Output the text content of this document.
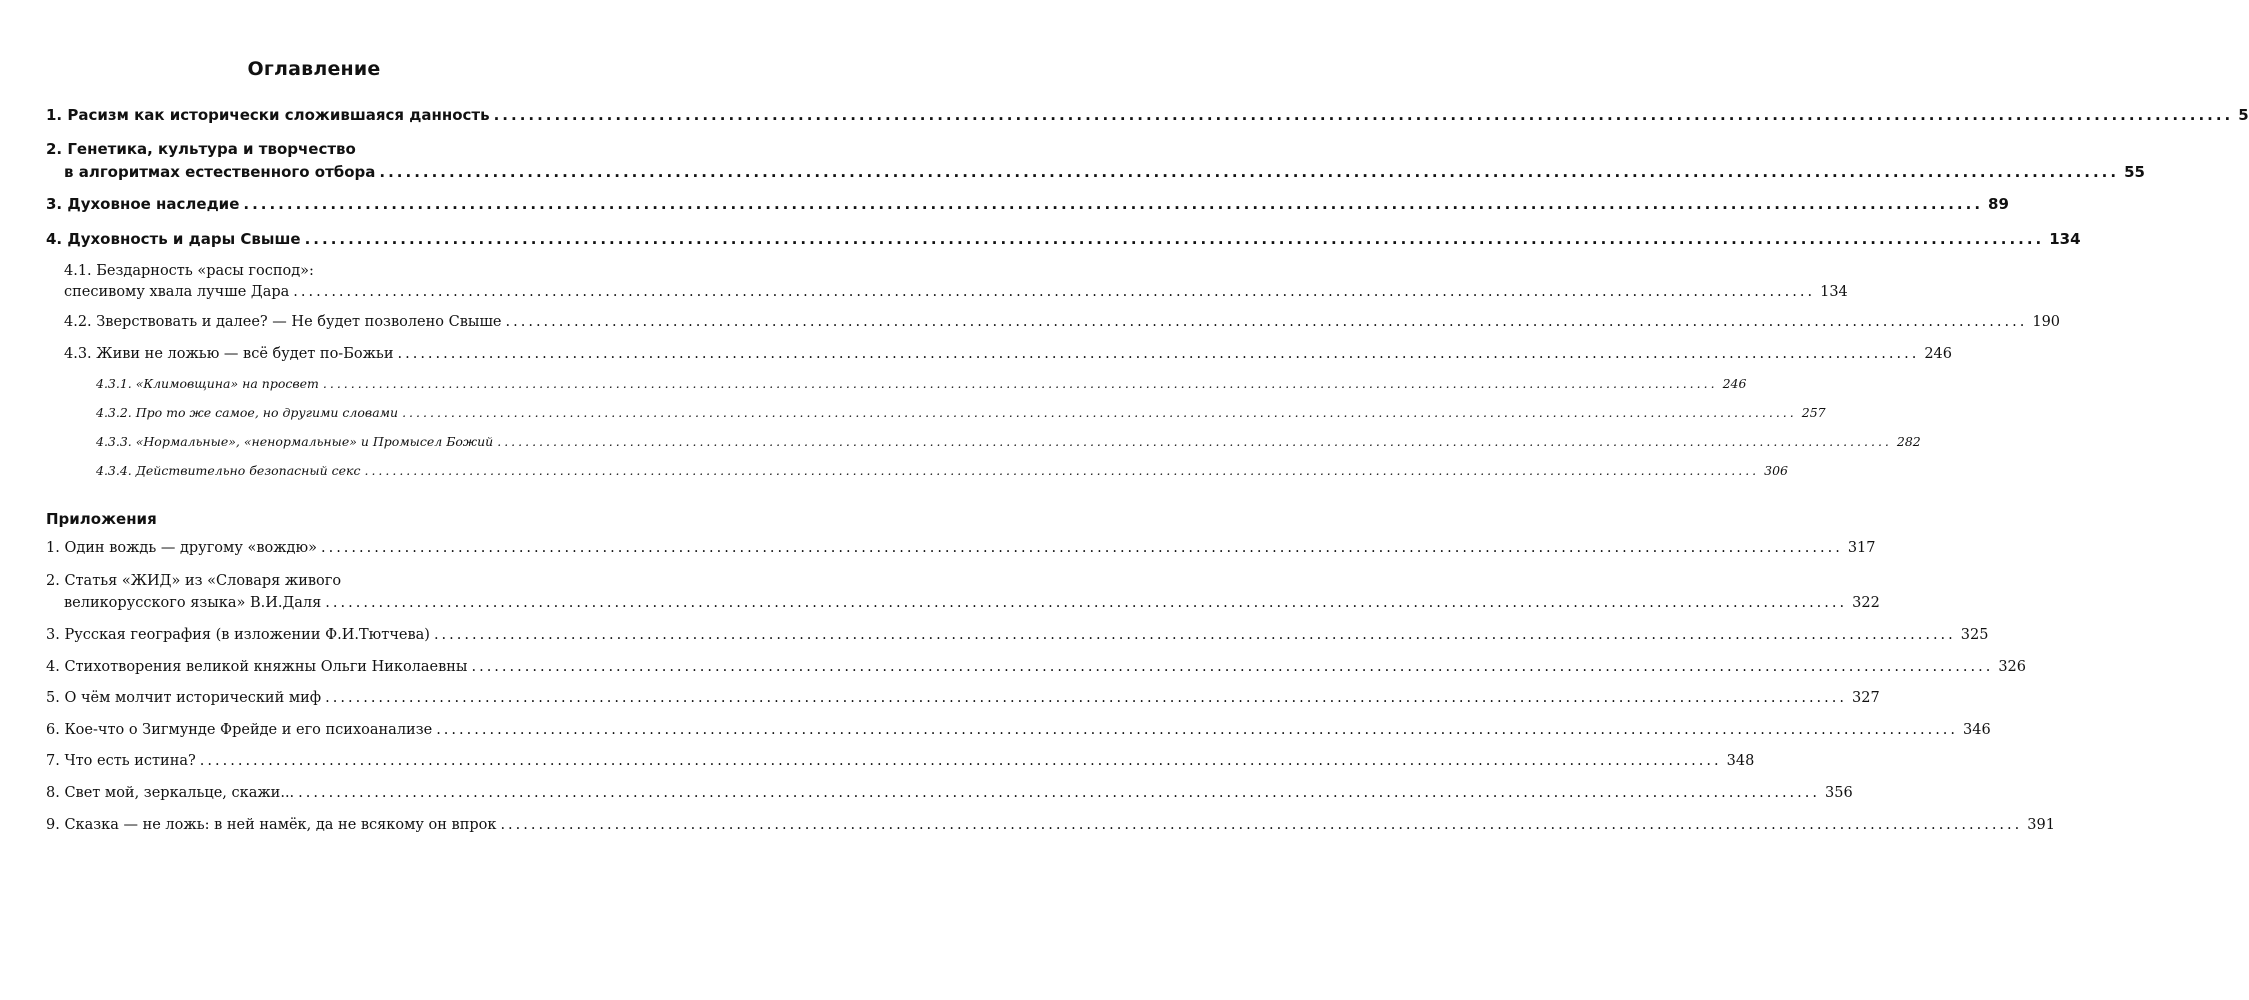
Оглавление
1. Расизм как исторически сложившаяся данность ........................................................................................................................................................................................................ 5
2. Генетика, культура и творчество
в алгоритмах естественного отбора ........................................................................................................................................................................................................ 55
3. Духовное наследие ........................................................................................................................................................................................................ 89
4. Духовность и дары Свыше ........................................................................................................................................................................................................ 134
4.1. Бездарность «расы господ»:
спесивому хвала лучше Дара ........................................................................................................................................................................................................ 134
4.2. Зверствовать и далее? — Не будет позволено Свыше ........................................................................................................................................................................................................ 190
4.3. Живи не ложью — всё будет по-Божьи ........................................................................................................................................................................................................ 246
4.3.1. «Климовщина» на просвет ........................................................................................................................................................................................................ 246
4.3.2. Про то же самое, но другими словами ........................................................................................................................................................................................................ 257
4.3.3. «Нормальные», «ненормальные» и Промысел Божий ........................................................................................................................................................................................................ 282
4.3.4. Действительно безопасный секс ........................................................................................................................................................................................................ 306
Приложения
1. Один вождь — другому «вождю» ........................................................................................................................................................................................................ 317
2. Статья «ЖИД» из «Словаря живого
великорусского языка» В.И.Даля ........................................................................................................................................................................................................ 322
3. Русская география (в изложении Ф.И.Тютчева) ........................................................................................................................................................................................................ 325
4. Стихотворения великой княжны Ольги Николаевны ........................................................................................................................................................................................................ 326
5. О чём молчит исторический миф ........................................................................................................................................................................................................ 327
6. Кое-что о Зигмунде Фрейде и его психоанализе ........................................................................................................................................................................................................ 346
7. Что есть истина? ........................................................................................................................................................................................................ 348
8. Свет мой, зеркальце, скажи... ........................................................................................................................................................................................................ 356
9. Сказка — не ложь: в ней намёк, да не всякому он впрок ........................................................................................................................................................................................................ 391
